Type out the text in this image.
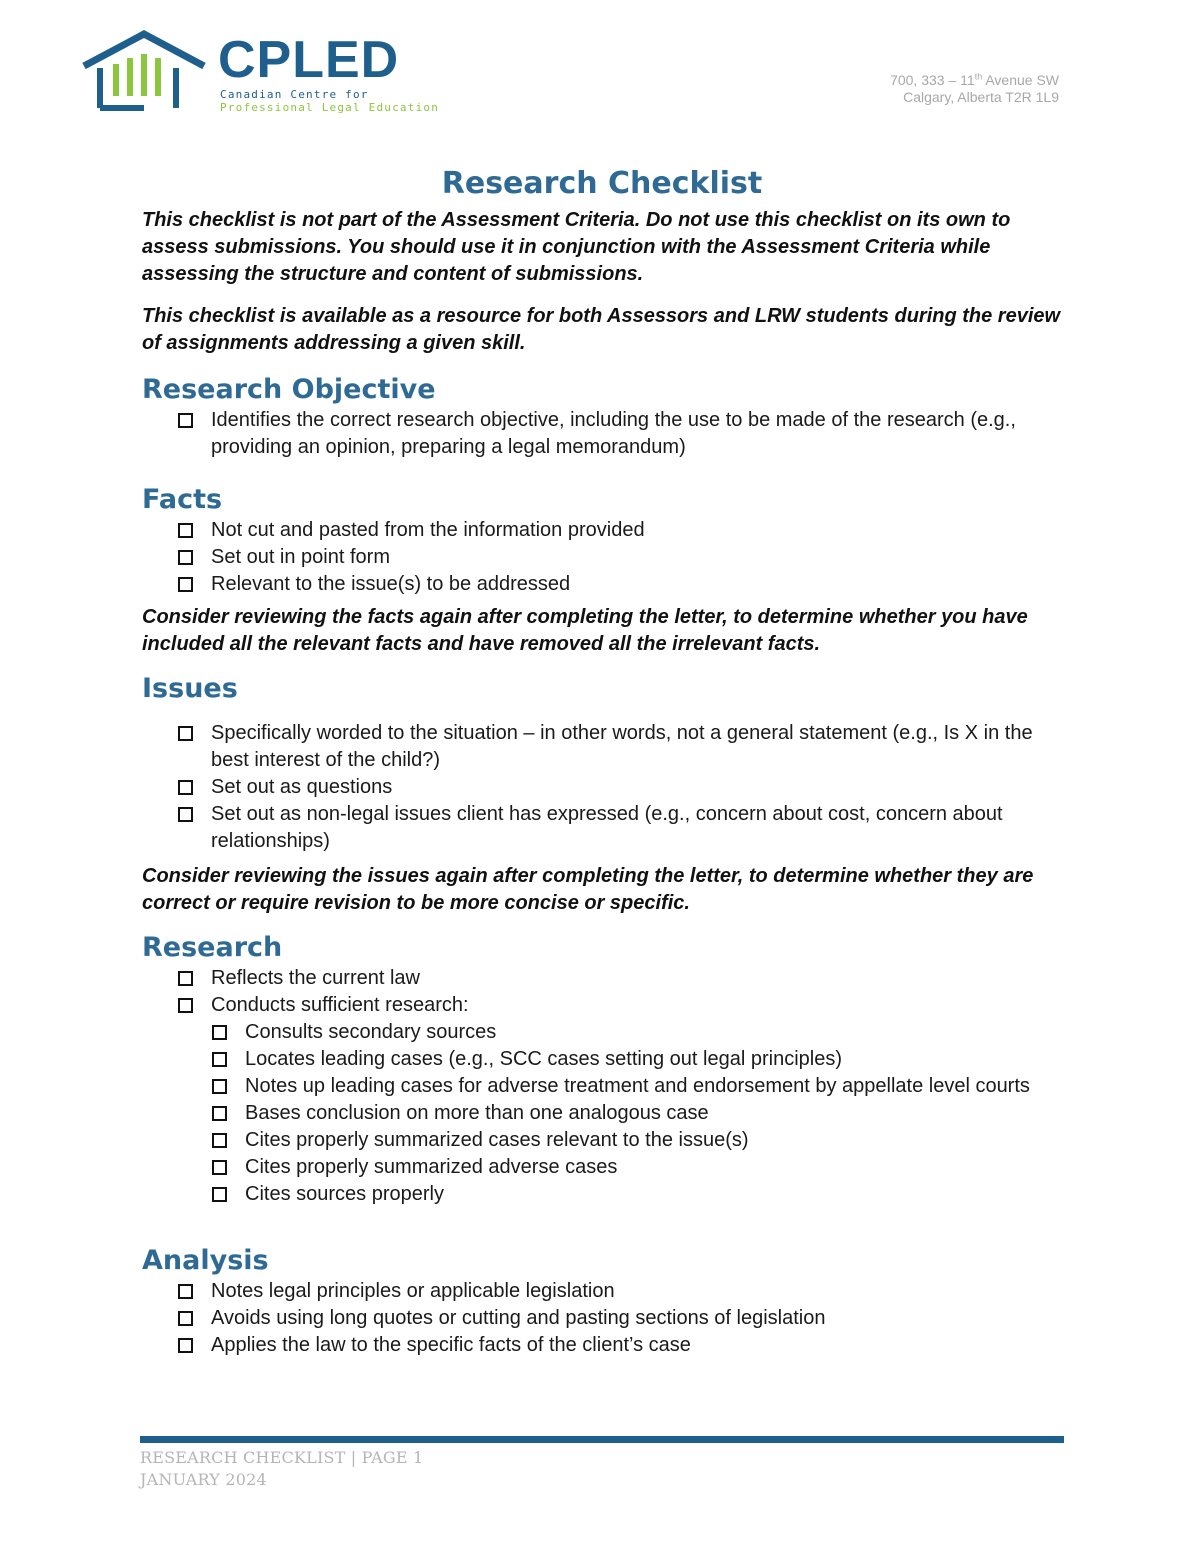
CPLED
Canadian Centre for
Professional Legal Education
700, 333 – 11th Avenue SW
Calgary, Alberta T2R 1L9
Research Checklist

This checklist is not part of the Assessment Criteria. Do not use this checklist on its own to assess submissions. You should use it in conjunction with the Assessment Criteria while assessing the structure and content of submissions.

This checklist is available as a resource for both Assessors and LRW students during the review of assignments addressing a given skill.

Research Objective
Identifies the correct research objective, including the use to be made of the research (e.g., providing an opinion, preparing a legal memorandum)
Facts
Not cut and pasted from the information provided
Set out in point form
Relevant to the issue(s) to be addressed

Consider reviewing the facts again after completing the letter, to determine whether you have included all the relevant facts and have removed all the irrelevant facts.

Issues
Specifically worded to the situation – in other words, not a general statement (e.g., Is X in the best interest of the child?)
Set out as questions
Set out as non-legal issues client has expressed (e.g., concern about cost, concern about relationships)

Consider reviewing the issues again after completing the letter, to determine whether they are correct or require revision to be more concise or specific.

Research
Reflects the current law
Conducts sufficient research:
Consults secondary sources
Locates leading cases (e.g., SCC cases setting out legal principles)
Notes up leading cases for adverse treatment and endorsement by appellate level courts
Bases conclusion on more than one analogous case
Cites properly summarized cases relevant to the issue(s)
Cites properly summarized adverse cases
Cites sources properly
Analysis
Notes legal principles or applicable legislation
Avoids using long quotes or cutting and pasting sections of legislation
Applies the law to the specific facts of the client’s case
RESEARCH CHECKLIST | PAGE 1
JANUARY 2024
